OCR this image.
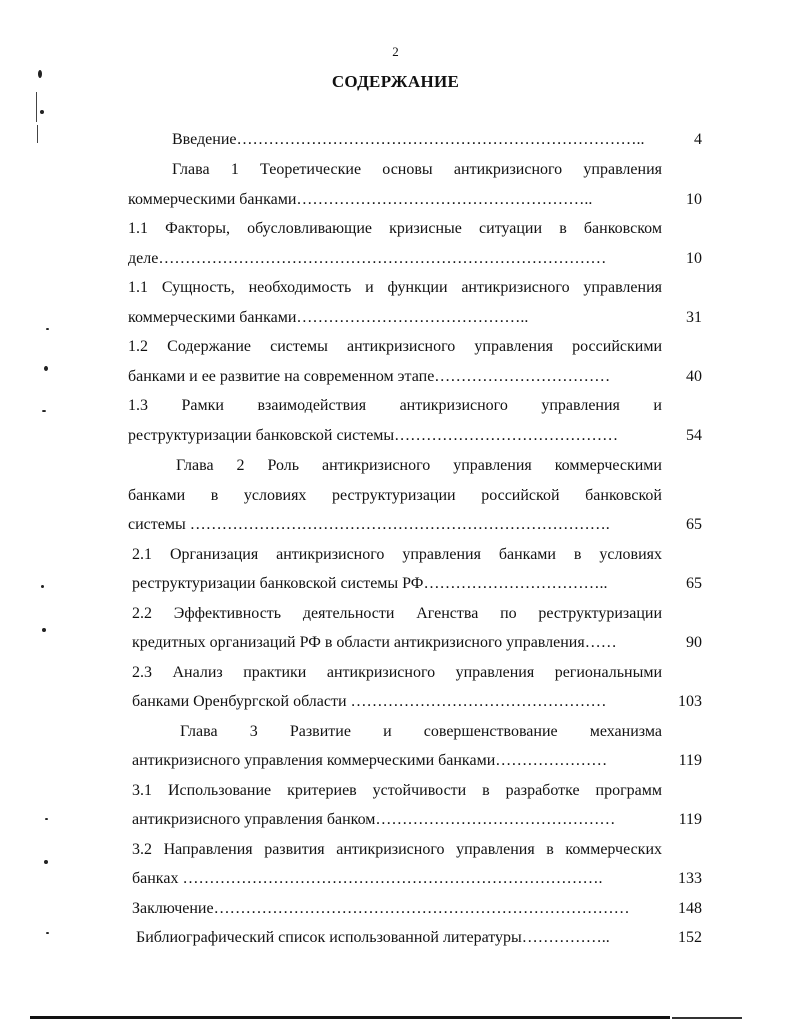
2
СОДЕРЖАНИЕ
Введение…………………………………………………………………..	4
Глава 1 Теоретические основы антикризисного управления
коммерческими банками………………………………………………..	10
1.1 Факторы, обусловливающие кризисные ситуации в банковском
деле…………………………………………………………………………	10
1.1 Сущность, необходимость и функции антикризисного управления
коммерческими банками……………………………………..	31
1.2 Содержание системы антикризисного управления российскими
банками и ее развитие на современном этапе……………………………	40
1.3 Рамки взаимодействия антикризисного управления и
реструктуризации банковской системы……………………………………	54
Глава 2 Роль антикризисного управления коммерческими
банками в условиях реструктуризации российской банковской
системы …………………………………………………………………….	65
2.1 Организация антикризисного управления банками в условиях
реструктуризации банковской системы РФ……………………………..	65
2.2 Эффективность деятельности Агенства по реструктуризации
кредитных организаций РФ в области антикризисного управления……	90
2.3 Анализ практики антикризисного управления региональными
банками Оренбургской области …………………………………………	103
Глава 3 Развитие и совершенствование механизма
антикризисного управления коммерческими банками…………………	119
3.1 Использование критериев устойчивости в разработке программ
антикризисного управления банком………………………………………	119
3.2 Направления развития антикризисного управления в коммерческих
банках …………………………………………………………………….	133
Заключение……………………………………………………………………	148
Библиографический список использованной литературы……………..	152
